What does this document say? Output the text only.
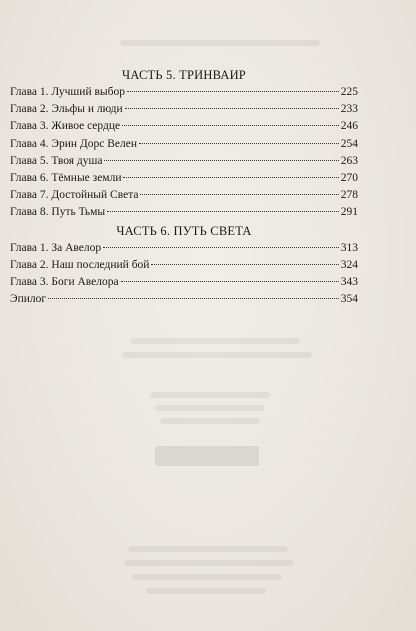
ЧАСТЬ 5. ТРИНВАИР
Глава 1. Лучший выбор	225
Глава 2. Эльфы и люди	233
Глава 3. Живое сердце	246
Глава 4. Эрин Дорс Велен	254
Глава 5. Твоя душа	263
Глава 6. Тёмные земли	270
Глава 7. Достойный Света	278
Глава 8. Путь Тьмы	291
ЧАСТЬ 6. ПУТЬ СВЕТА
Глава 1. За Авелор	313
Глава 2. Наш последний бой	324
Глава 3. Боги Авелора	343
Эпилог	354
